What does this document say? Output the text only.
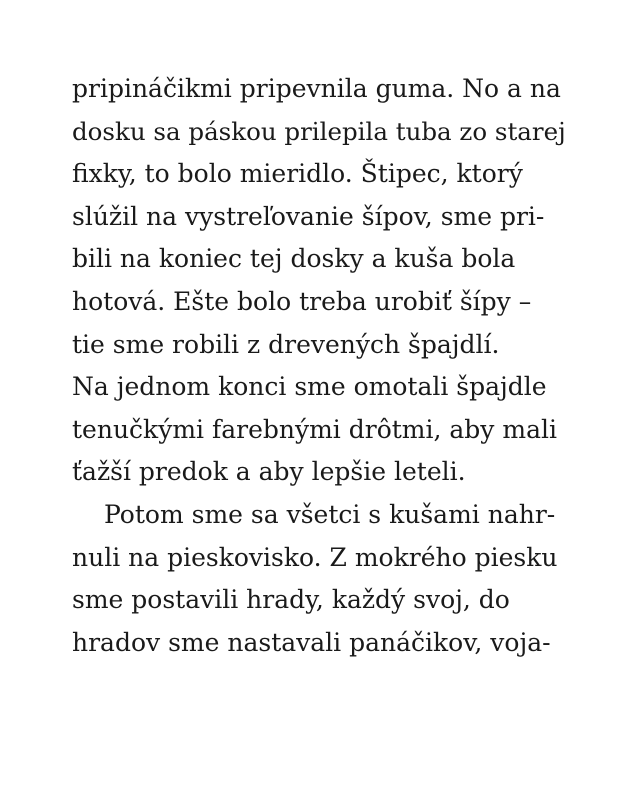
pripináčikmi pripevnila guma. No a na
dosku sa páskou prilepila tuba zo starej
fixky, to bolo mieridlo. Štipec, ktorý
slúžil na vystreľovanie šípov, sme pri-
bili na koniec tej dosky a kuša bola
hotová. Ešte bolo treba urobiť šípy –
tie sme robili z drevených špajdlí.
Na jednom konci sme omotali špajdle
tenučkými farebnými drôtmi, aby mali
ťažší predok a aby lepšie leteli.
Potom sme sa všetci s kušami nahr-
nuli na pieskovisko. Z mokrého piesku
sme postavili hrady, každý svoj, do
hradov sme nastavali panáčikov, voja-
